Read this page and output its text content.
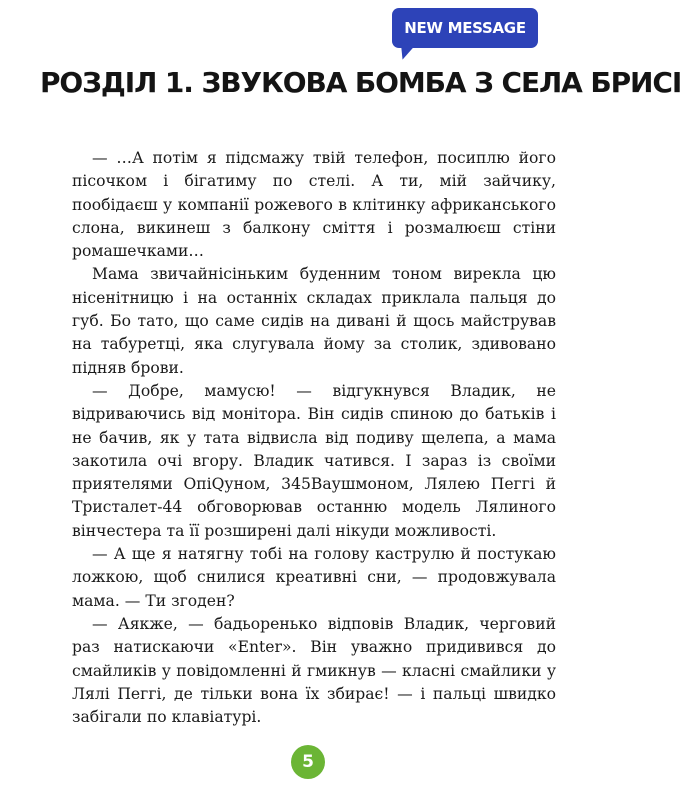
NEW MESSAGE
РОЗДІЛ 1. ЗВУКОВА БОМБА З СЕЛА БРИСІ

— …А потім я підсмажу твій телефон, посиплю його пісочком і бігатиму по стелі. А ти, мій зайчику, пообідаєш у компанії рожевого в клітинку африканського слона, викинеш з балкону сміття і розмалюєш стіни ромашечками…

Мама звичайнісіньким буденним тоном вирекла цю нісенітницю і на останніх складах приклала пальця до губ. Бо тато, що саме сидів на дивані й щось майстрував на табуретці, яка слугувала йому за столик, здивовано підняв брови.

— Добре, мамусю! — відгукнувся Владик, не відриваючись від монітора. Він сидів спиною до батьків і не бачив, як у тата відвисла від подиву щелепа, а мама закотила очі вгору. Владик чатився. І зараз із своїми приятелями ОпіQуном, 345Ваушмоном, Лялею Пеггі й Тристалет-44 обговорював останню модель Лялиного вінчестера та її розширені далі нікуди можливості.

— А ще я натягну тобі на голову каструлю й постукаю ложкою, щоб снилися креативні сни, — продовжувала мама. — Ти згоден?

— Аякже, — бадьоренько відповів Владик, черговий раз натискаючи «Enter». Він уважно придивився до смайликів у повідомленні й гмикнув — класні смайлики у Лялі Пеггі, де тільки вона їх збирає! — і пальці швидко забігали по клавіатурі.

5
